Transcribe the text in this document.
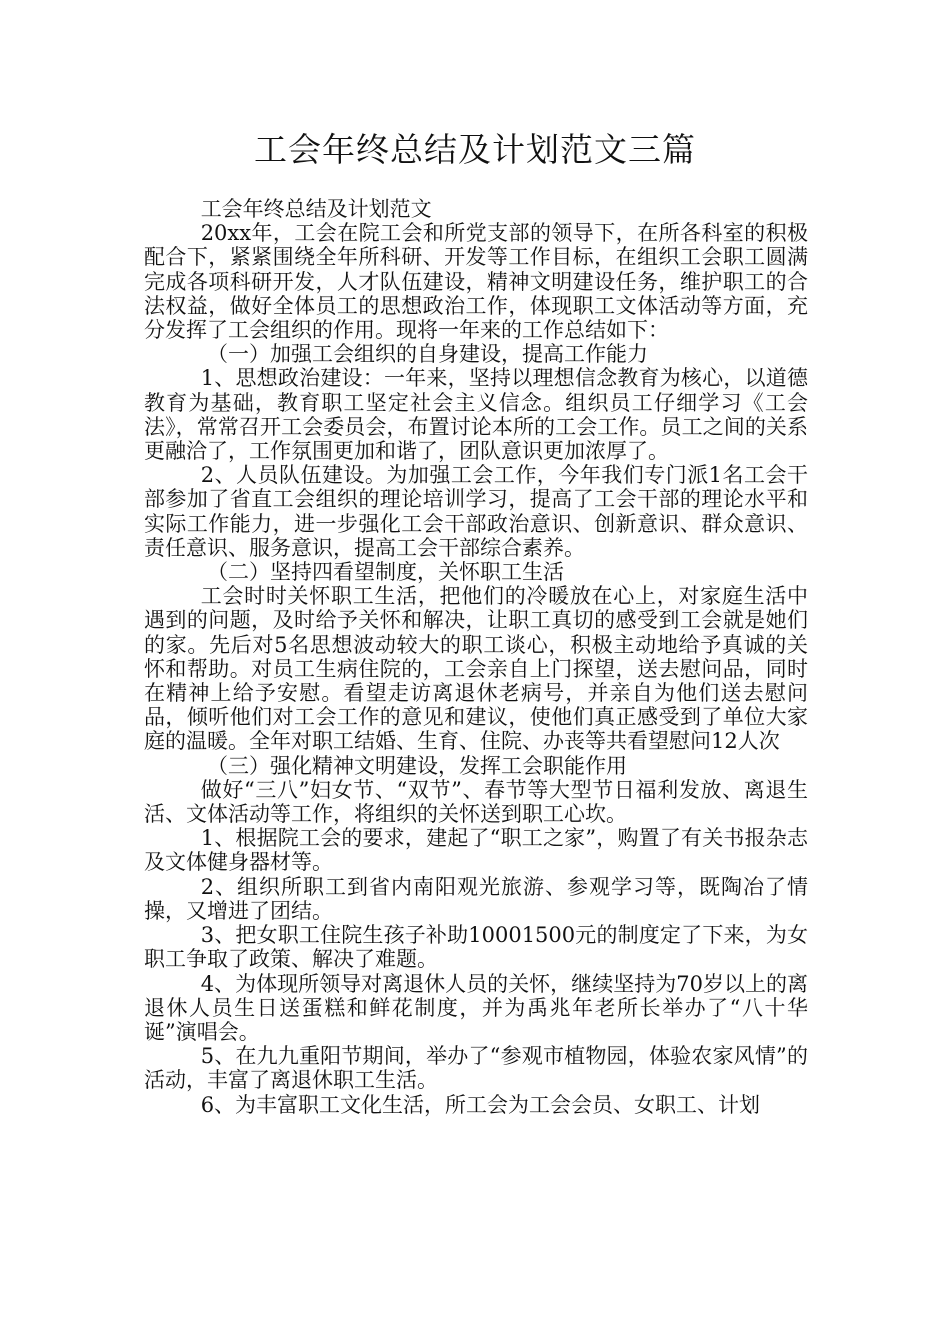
工会年终总结及计划范文三篇

工会年终总结及计划范文

20xx年，工会在院工会和所党支部的领导下，在所各科室的积极配合下，紧紧围绕全年所科研、开发等工作目标，在组织工会职工圆满完成各项科研开发，人才队伍建设，精神文明建设任务，维护职工的合法权益，做好全体员工的思想政治工作，体现职工文体活动等方面，充分发挥了工会组织的作用。现将一年来的工作总结如下：

（一）加强工会组织的自身建设，提高工作能力

1、思想政治建设：一年来，坚持以理想信念教育为核心，以道德教育为基础，教育职工坚定社会主义信念。组织员工仔细学习《工会法》，常常召开工会委员会，布置讨论本所的工会工作。员工之间的关系更融洽了，工作氛围更加和谐了，团队意识更加浓厚了。

2、人员队伍建设。为加强工会工作，今年我们专门派1名工会干部参加了省直工会组织的理论培训学习，提高了工会干部的理论水平和实际工作能力，进一步强化工会干部政治意识、创新意识、群众意识、责任意识、服务意识，提高工会干部综合素养。

（二）坚持四看望制度，关怀职工生活

工会时时关怀职工生活，把他们的冷暖放在心上，对家庭生活中遇到的问题，及时给予关怀和解决，让职工真切的感受到工会就是她们的家。先后对5名思想波动较大的职工谈心，积极主动地给予真诚的关怀和帮助。对员工生病住院的，工会亲自上门探望，送去慰问品，同时在精神上给予安慰。看望走访离退休老病号，并亲自为他们送去慰问品，倾听他们对工会工作的意见和建议，使他们真正感受到了单位大家庭的温暖。全年对职工结婚、生育、住院、办丧等共看望慰问12人次

（三）强化精神文明建设，发挥工会职能作用

做好“三八”妇女节、“双节”、春节等大型节日福利发放、离退生活、文体活动等工作，将组织的关怀送到职工心坎。

1、根据院工会的要求，建起了“职工之家”，购置了有关书报杂志及文体健身器材等。

2、组织所职工到省内南阳观光旅游、参观学习等，既陶冶了情操，又增进了团结。

3、把女职工住院生孩子补助10001500元的制度定了下来，为女职工争取了政策、解决了难题。

4、为体现所领导对离退休人员的关怀，继续坚持为70岁以上的离退休人员生日送蛋糕和鲜花制度，并为禹兆年老所长举办了“八十华诞”演唱会。

5、在九九重阳节期间，举办了“参观市植物园，体验农家风情”的活动，丰富了离退休职工生活。

6、为丰富职工文化生活，所工会为工会会员、女职工、计划
